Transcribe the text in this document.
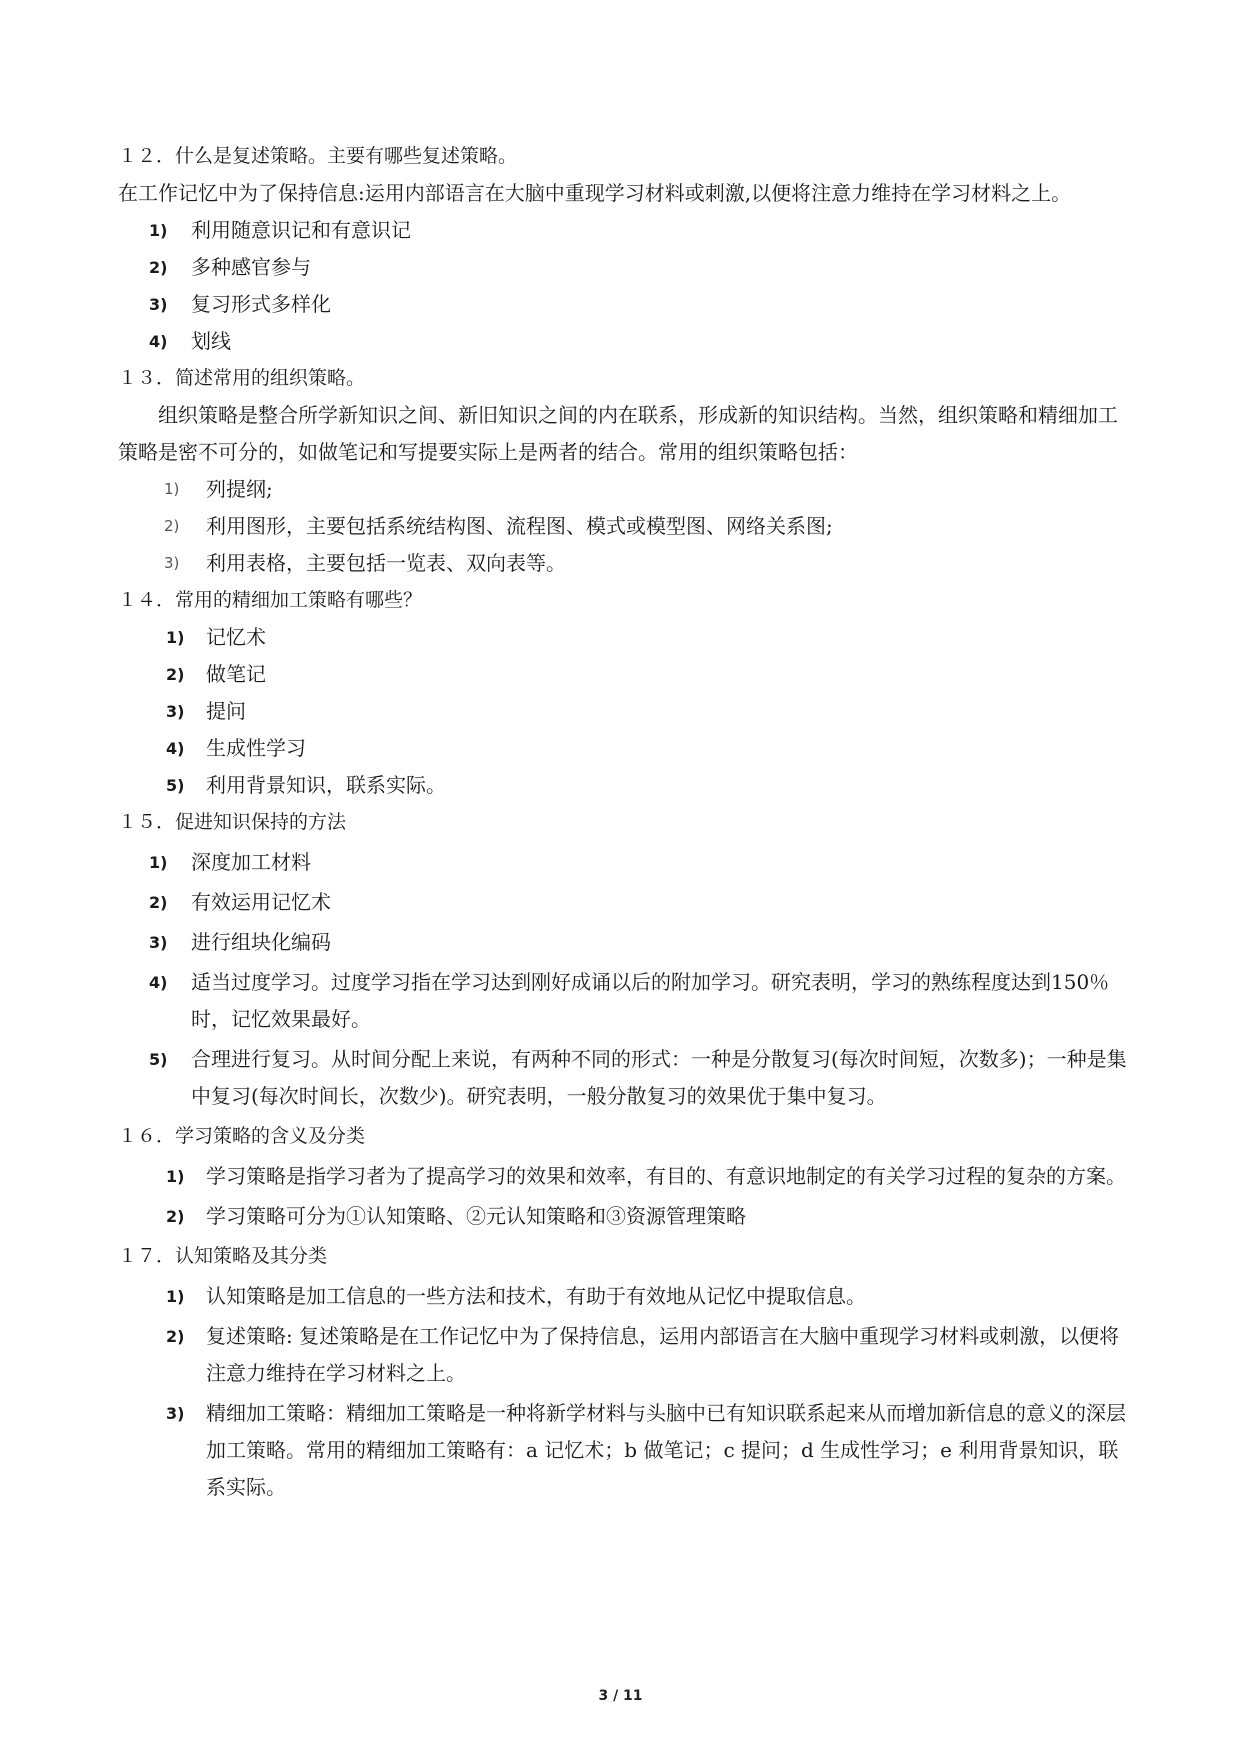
１２．什么是复述策略。主要有哪些复述策略。
在工作记忆中为了保持信息:运用内部语言在大脑中重现学习材料或刺激,以便将注意力维持在学习材料之上。
1)	利用随意识记和有意识记
2)	多种感官参与
3)	复习形式多样化
4)	划线
１３．简述常用的组织策略。
组织策略是整合所学新知识之间、新旧知识之间的内在联系，形成新的知识结构。当然，组织策略和精细加工策略是密不可分的，如做笔记和写提要实际上是两者的结合。常用的组织策略包括：
1)	列提纲;
2)	利用图形，主要包括系统结构图、流程图、模式或模型图、网络关系图;
3)	利用表格，主要包括一览表、双向表等。
１４．常用的精细加工策略有哪些？
1)	记忆术
2)	做笔记
3)	提问
4)	生成性学习
5)	利用背景知识，联系实际。
１５．促进知识保持的方法
1)	深度加工材料
2)	有效运用记忆术
3)	进行组块化编码
4)	适当过度学习。过度学习指在学习达到刚好成诵以后的附加学习。研究表明，学习的熟练程度达到150％时，记忆效果最好。
5)	合理进行复习。从时间分配上来说，有两种不同的形式：一种是分散复习(每次时间短，次数多)；一种是集中复习(每次时间长，次数少)。研究表明，一般分散复习的效果优于集中复习。
１６．学习策略的含义及分类
1)	学习策略是指学习者为了提高学习的效果和效率，有目的、有意识地制定的有关学习过程的复杂的方案。
2)	学习策略可分为①认知策略、②元认知策略和③资源管理策略
１７．认知策略及其分类
1)	认知策略是加工信息的一些方法和技术，有助于有效地从记忆中提取信息。
2)	复述策略: 复述策略是在工作记忆中为了保持信息，运用内部语言在大脑中重现学习材料或刺激，以便将注意力维持在学习材料之上。
3)	精细加工策略：精细加工策略是一种将新学材料与头脑中已有知识联系起来从而增加新信息的意义的深层加工策略。常用的精细加工策略有：a 记忆术；b 做笔记；c 提问；d 生成性学习；e 利用背景知识，联系实际。
3 / 11
